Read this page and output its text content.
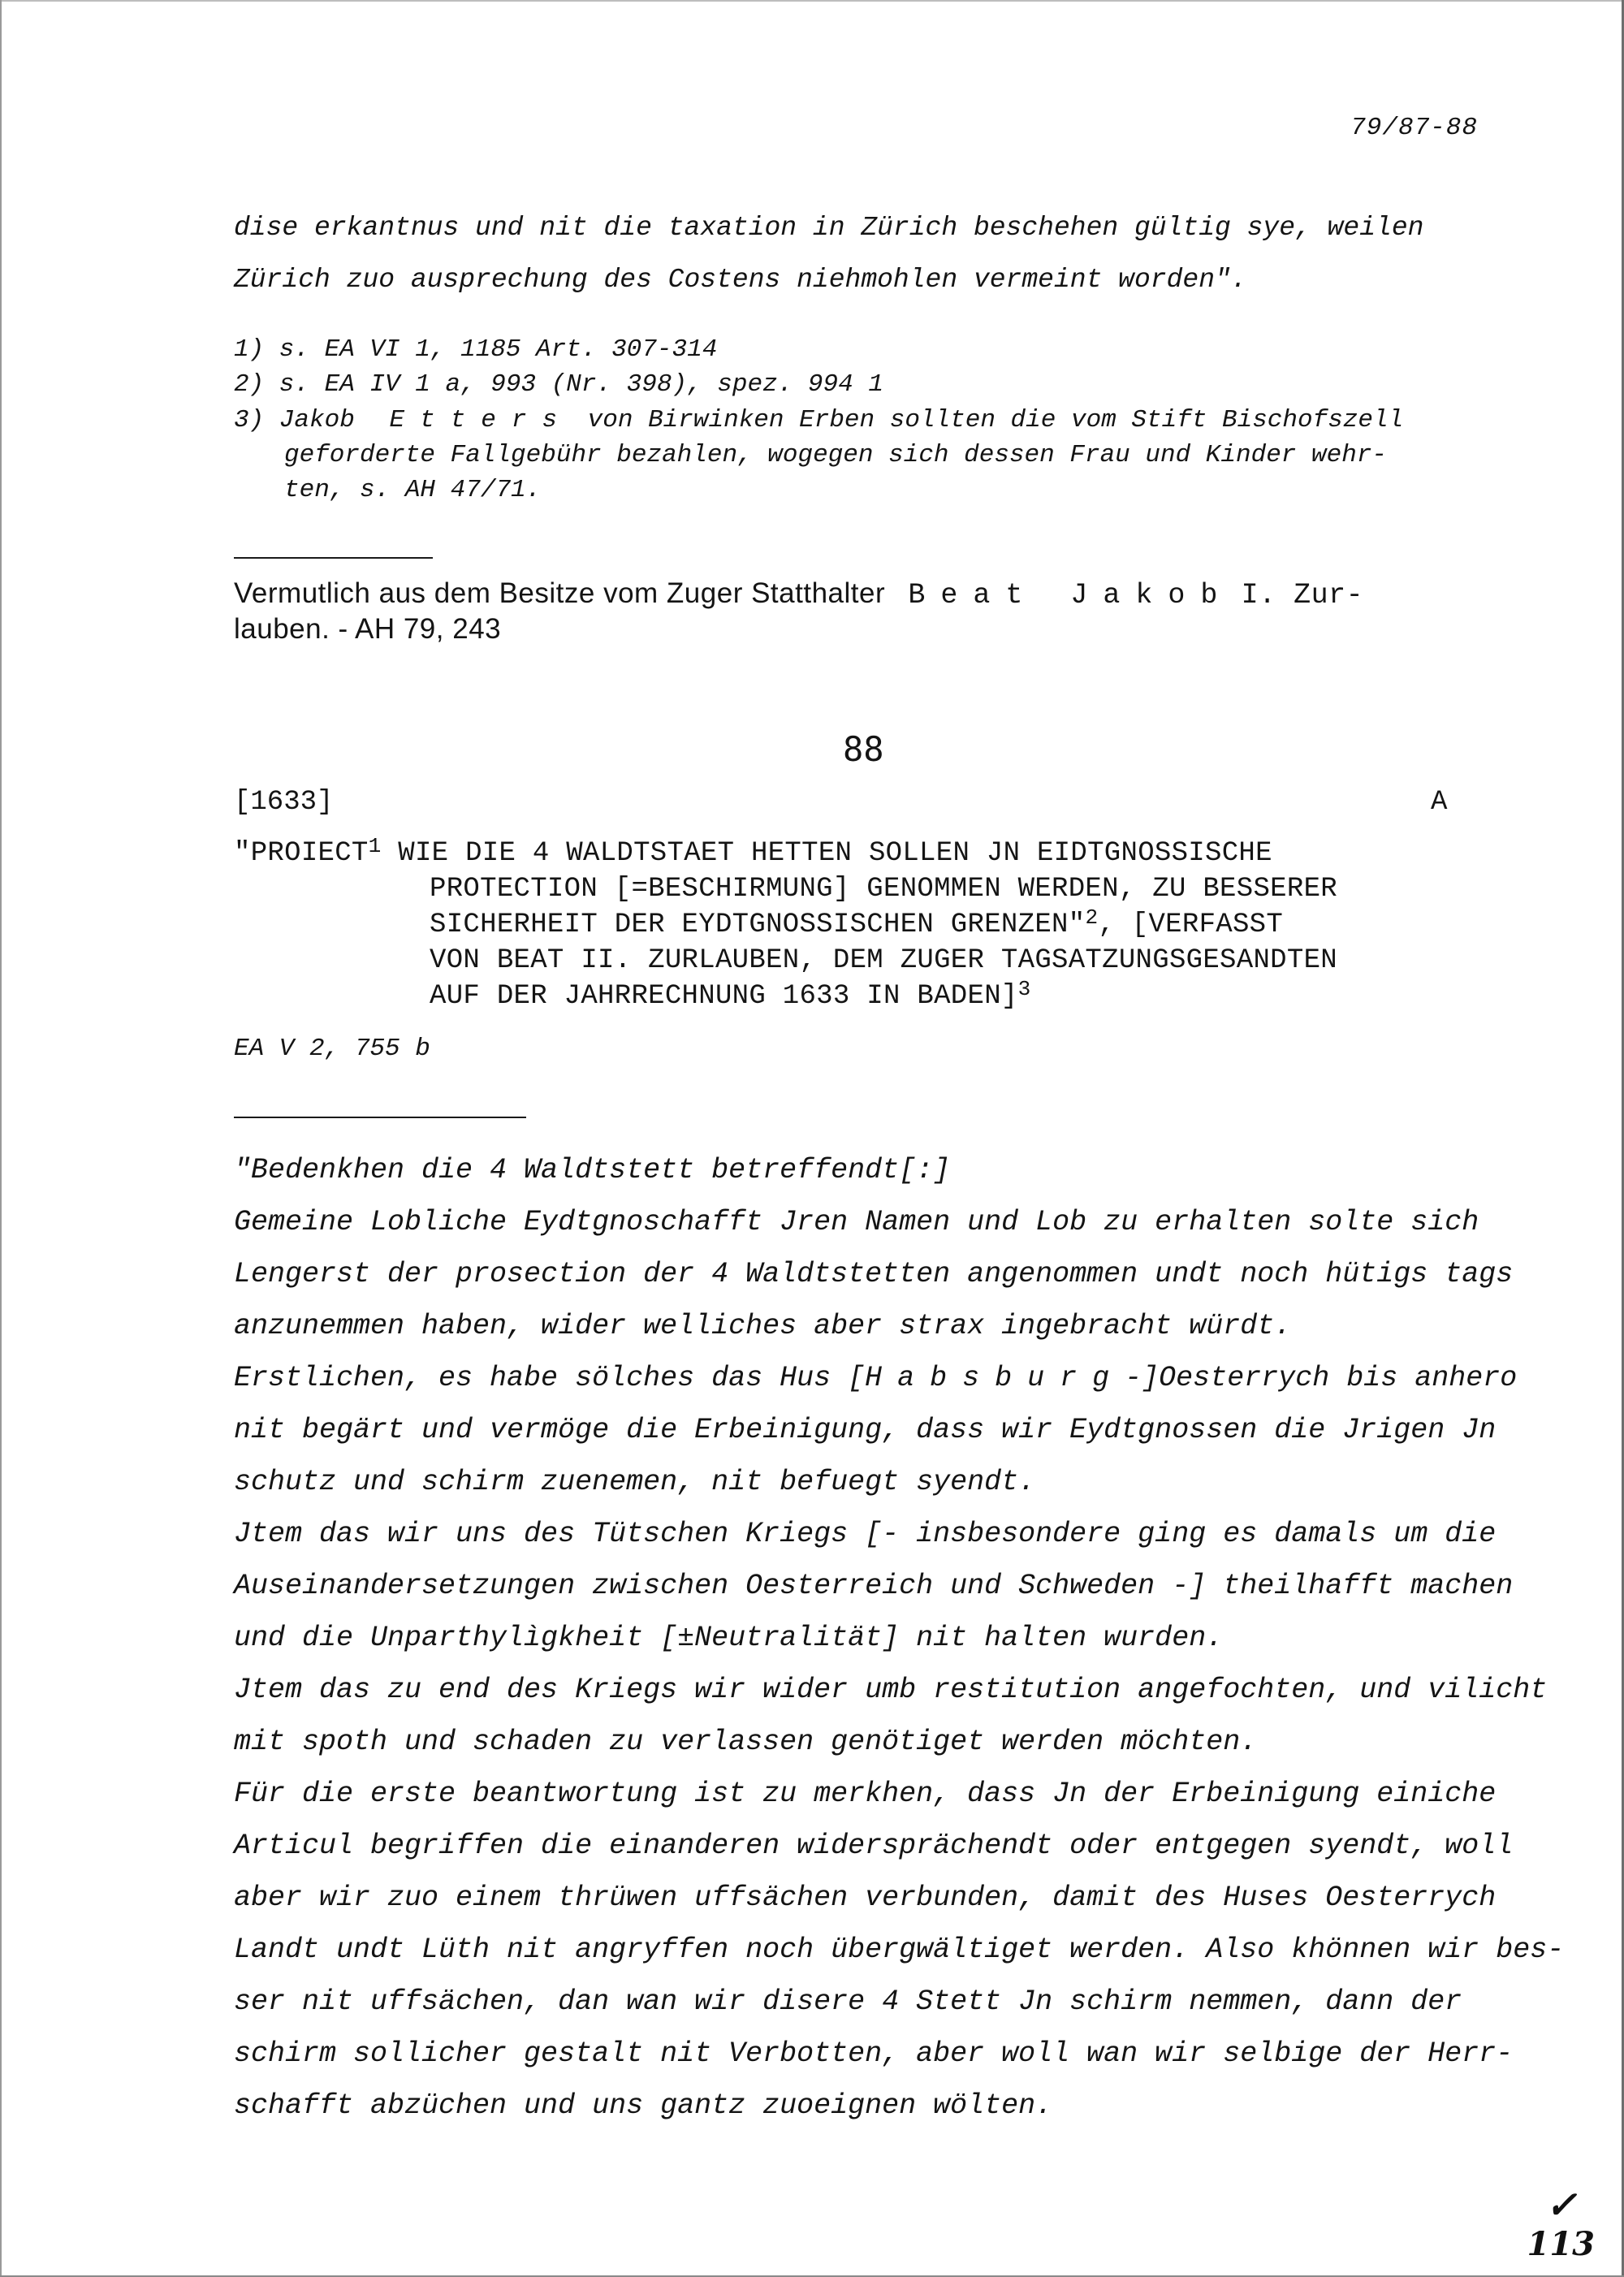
79/87-88
dise erkantnus und nit die taxation in Zürich beschehen gültig sye, weilen
Zürich zuo ausprechung des Costens niehmohlen vermeint worden".
1) s. EA VI 1, 1185 Art. 307-314
2) s. EA IV 1 a, 993 (Nr. 398), spez. 994 1
3) Jakob Etters von Birwinken Erben sollten die vom Stift Bischofszell
geforderte Fallgebühr bezahlen, wogegen sich dessen Frau und Kinder wehr-
ten, s. AH 47/71.
Vermutlich aus dem Besitze vom Zuger Statthalter Beat Jakob I. Zur-
lauben. - AH 79, 243
88
[1633]	A
"PROIECT$^1$ WIE DIE 4 WALDTSTAET HETTEN SOLLEN JN EIDTGNOSSISCHE
PROTECTION [=BESCHIRMUNG] GENOMMEN WERDEN, ZU BESSERER
SICHERHEIT DER EYDTGNOSSISCHEN GRENZEN"$^2$, [VERFASST
VON BEAT II. ZURLAUBEN, DEM ZUGER TAGSATZUNGSGESANDTEN
AUF DER JAHRRECHNUNG 1633 IN BADEN]$^3$
EA V 2, 755 b
"Bedenkhen die 4 Waldtstett betreffendt[:]
Gemeine Lobliche Eydtgnoschafft Jren Namen und Lob zu erhalten solte sich
Lengerst der prosection der 4 Waldtstetten angenommen undt noch hütigs tags
anzunemmen haben, wider welliches aber strax ingebracht würdt.
Erstlichen, es habe sölches das Hus [Habsburg-]Oesterrych bis anhero
nit begärt und vermöge die Erbeinigung, dass wir Eydtgnossen die Jrigen Jn
schutz und schirm zuenemen, nit befuegt syendt.
Jtem das wir uns des Tütschen Kriegs [- insbesondere ging es damals um die
Auseinandersetzungen zwischen Oesterreich und Schweden -] theilhafft machen
und die Unparthylìgkheit [±Neutralität] nit halten wurden.
Jtem das zu end des Kriegs wir wider umb restitution angefochten, und vilicht
mit spoth und schaden zu verlassen genötiget werden möchten.
Für die erste beantwortung ist zu merkhen, dass Jn der Erbeinigung einiche
Articul begriffen die einanderen widersprächendt oder entgegen syendt, woll
aber wir zuo einem thrüwen uffsächen verbunden, damit des Huses Oesterrych
Landt undt Lüth nit angryffen noch übergwältiget werden. Also khönnen wir bes-
ser nit uffsächen, dan wan wir disere 4 Stett Jn schirm nemmen, dann der
schirm sollicher gestalt nit Verbotten, aber woll wan wir selbige der Herr-
schafft abzüchen und uns gantz zuoeignen wölten.
✓
113
